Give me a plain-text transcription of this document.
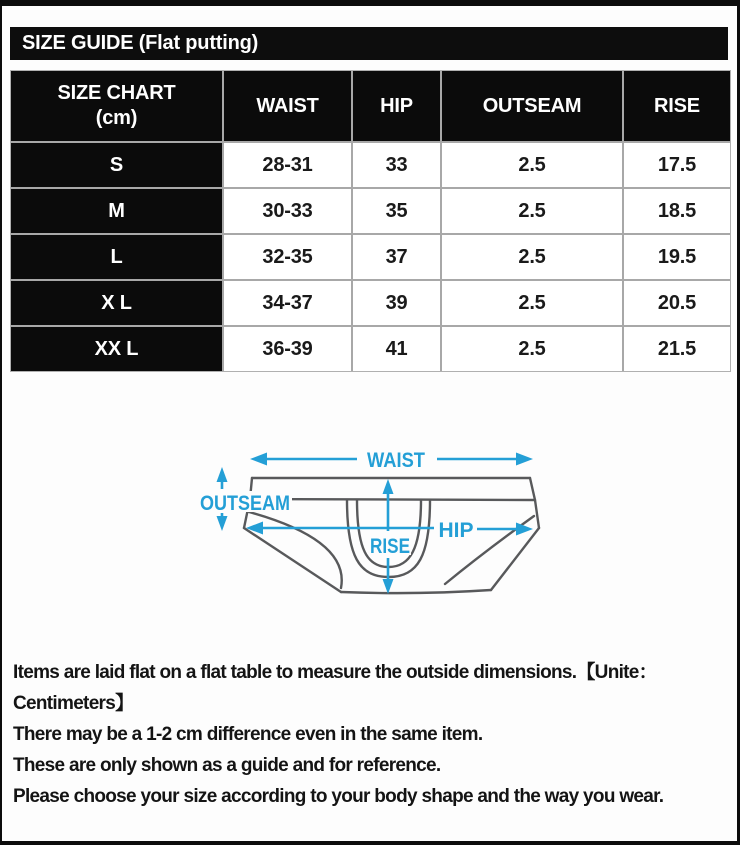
SIZE GUIDE (Flat putting)
SIZE CHART
(cm)
WAIST	HIP	OUTSEAM	RISE
S	28-31	33	2.5	17.5
M	30-33	35	2.5	18.5
L	32-35	37	2.5	19.5
X L	34-37	39	2.5	20.5
XX L	36-39	41	2.5	21.5
WAIST
OUTSEAM
HIP
RISE
Items are laid flat on a flat table to measure the outside dimensions.【Unite：
Centimeters】
There may be a 1-2 cm difference even in the same item.
These are only shown as a guide and for reference.
Please choose your size according to your body shape and the way you wear.
